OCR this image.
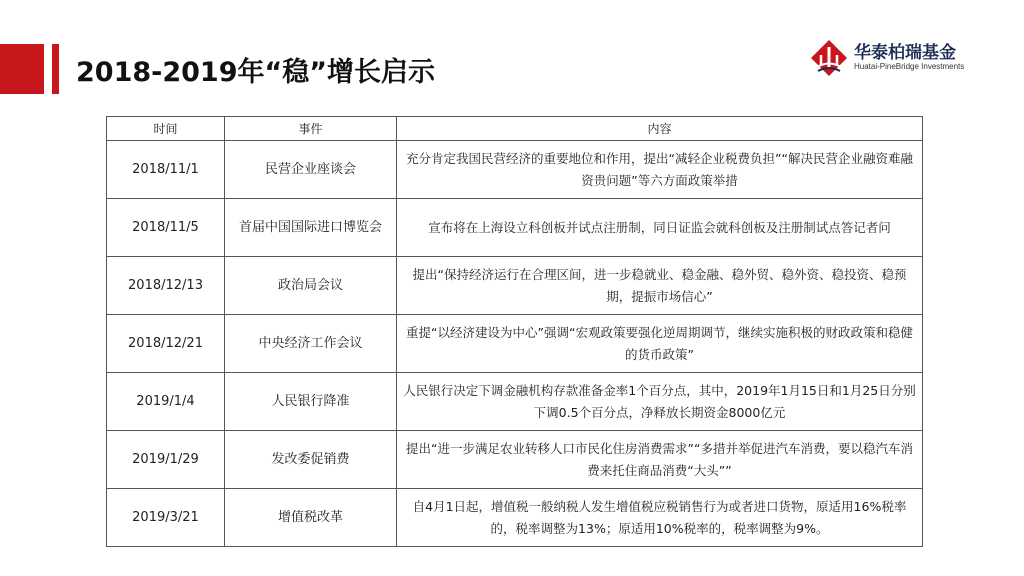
2018-2019年“稳”增长启示
华泰柏瑞基金
Huatai-PineBridge Investments
时间	事件	内容
2018/11/1	民营企业座谈会	充分肯定我国民营经济的重要地位和作用，提出“减轻企业税费负担”“解决民营企业融资难融资贵问题”等六方面政策举措
2018/11/5	首届中国国际进口博览会	宣布将在上海设立科创板并试点注册制，同日证监会就科创板及注册制试点答记者问
2018/12/13	政治局会议	提出“保持经济运行在合理区间，进一步稳就业、稳金融、稳外贸、稳外资、稳投资、稳预期，提振市场信心”
2018/12/21	中央经济工作会议	重提“以经济建设为中心”强调“宏观政策要强化逆周期调节，继续实施积极的财政政策和稳健的货币政策”
2019/1/4	人民银行降准	人民银行决定下调金融机构存款准备金率1个百分点，其中，2019年1月15日和1月25日分别下调0.5个百分点，净释放长期资金8000亿元
2019/1/29	发改委促销费	提出“进一步满足农业转移人口市民化住房消费需求”“多措并举促进汽车消费，要以稳汽车消费来托住商品消费“大头””
2019/3/21	增值税改革	自4月1日起，增值税一般纳税人发生增值税应税销售行为或者进口货物，原适用16%税率的，税率调整为13%；原适用10%税率的，税率调整为9%。
